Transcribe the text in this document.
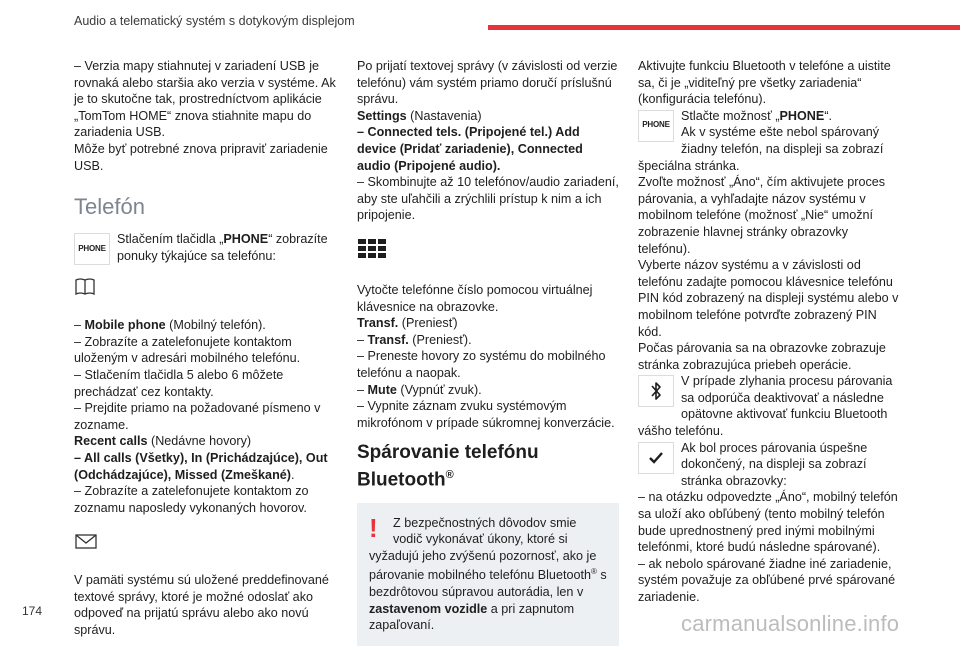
Audio a telematický systém s dotykovým displejom

– Verzia mapy stiahnutej v zariadení USB je rovnaká alebo staršia ako verzia v systéme. Ak je to skutočne tak, prostredníctvom aplikácie „TomTom HOME“ znova stiahnite mapu do zariadenia USB.

Môže byť potrebné znova pripraviť zariadenie USB.

Telefón
PHONE

Stlačením tlačidla „PHONE“ zobrazíte ponuky týkajúce sa telefónu:

– Mobile phone (Mobilný telefón).

– Zobrazíte a zatelefonujete kontaktom uloženým v adresári mobilného telefónu.

– Stlačením tlačidla 5 alebo 6 môžete prechádzať cez kontakty.

– Prejdite priamo na požadované písmeno v zozname.

Recent calls (Nedávne hovory)

– All calls (Všetky), In (Prichádzajúce), Out (Odchádzajúce), Missed (Zmeškané).

– Zobrazíte a zatelefonujete kontaktom zo zoznamu naposledy vykonaných hovorov.

V pamäti systému sú uložené preddefinované textové správy, ktoré je možné odoslať ako odpoveď na prijatú správu alebo ako novú správu.

Po prijatí textovej správy (v závislosti od verzie telefónu) vám systém priamo doručí príslušnú správu.

Settings (Nastavenia)

– Connected tels. (Pripojené tel.) Add device (Pridať zariadenie), Connected audio (Pripojené audio).

– Skombinujte až 10 telefónov/audio zariadení, aby ste uľahčili a zrýchlili prístup k nim a ich pripojenie.

Vytočte telefónne číslo pomocou virtuálnej klávesnice na obrazovke.

Transf. (Preniesť)

– Transf. (Preniesť).

– Preneste hovory zo systému do mobilného telefónu a naopak.

– Mute (Vypnúť zvuk).

– Vypnite záznam zvuku systémovým mikrofónom v prípade súkromnej konverzácie.

Spárovanie telefónu Bluetooth®
!	Z bezpečnostných dôvodov smie vodič vykonávať úkony, ktoré si vyžadujú jeho zvýšenú pozornosť, ako je párovanie mobilného telefónu Bluetooth® s bezdrôtovou súpravou autorádia, len v zastavenom vozidle a pri zapnutom zapaľovaní.

Aktivujte funkciu Bluetooth v telefóne a uistite sa, či je „viditeľný pre všetky zariadenia“ (konfigurácia telefónu).

PHONE

Stlačte možnosť „PHONE“.

Ak v systéme ešte nebol spárovaný žiadny telefón, na displeji sa zobrazí špeciálna stránka.

Zvoľte možnosť „Áno“, čím aktivujete proces párovania, a vyhľadajte názov systému v mobilnom telefóne (možnosť „Nie“ umožní zobrazenie hlavnej stránky obrazovky telefónu).

Vyberte názov systému a v závislosti od telefónu zadajte pomocou klávesnice telefónu PIN kód zobrazený na displeji systému alebo v mobilnom telefóne potvrďte zobrazený PIN kód.

Počas párovania sa na obrazovke zobrazuje stránka zobrazujúca priebeh operácie.

V prípade zlyhania procesu párovania sa odporúča deaktivovať a následne opätovne aktivovať funkciu Bluetooth vášho telefónu.

Ak bol proces párovania úspešne dokončený, na displeji sa zobrazí stránka obrazovky:

– na otázku odpovedzte „Áno“, mobilný telefón sa uloží ako obľúbený (tento mobilný telefón bude uprednostnený pred inými mobilnými telefónmi, ktoré budú následne spárované).

– ak nebolo spárované žiadne iné zariadenie, systém považuje za obľúbené prvé spárované zariadenie.

174	carmanualsonline.info
